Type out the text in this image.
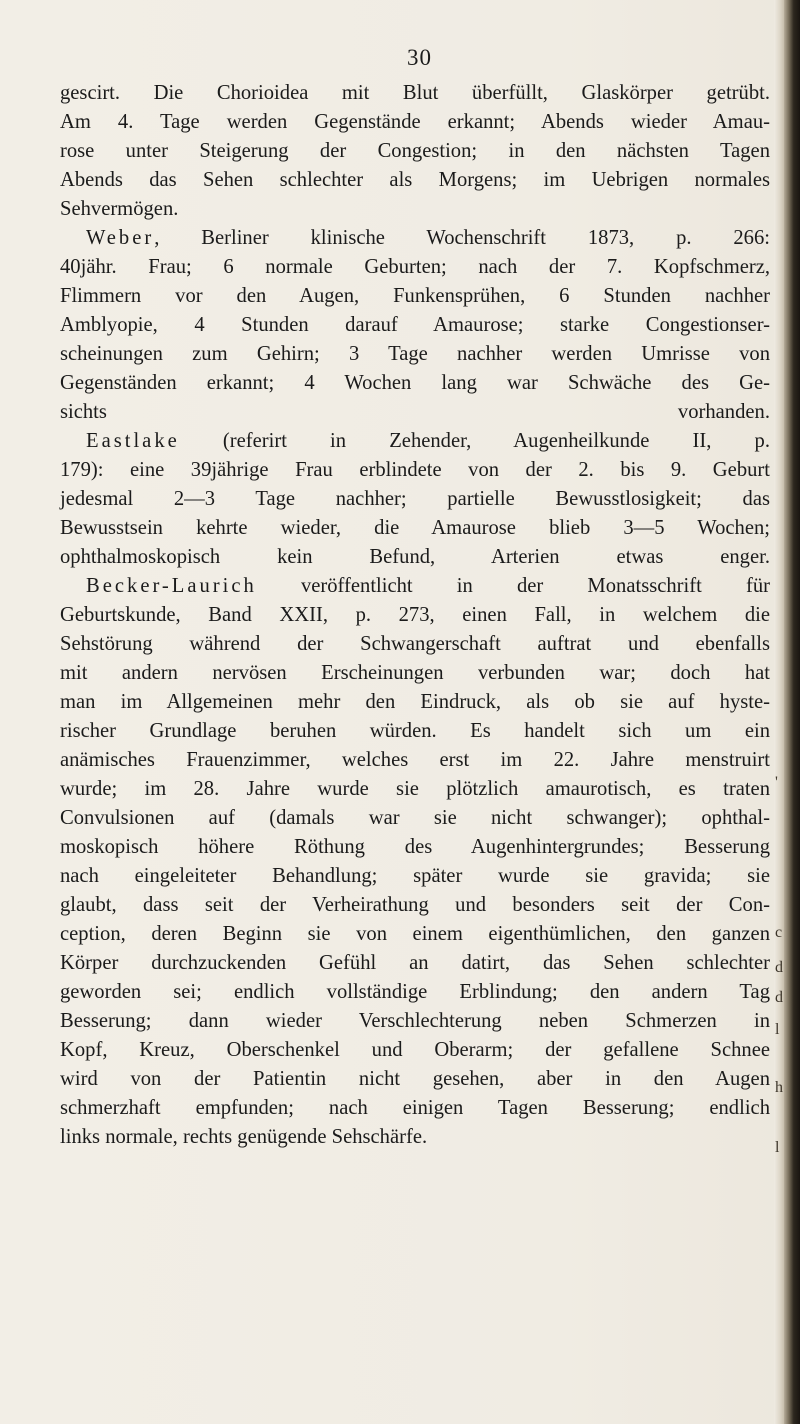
30
gescirt. Die Chorioidea mit Blut überfüllt, Glaskörper getrübt.
Am 4. Tage werden Gegenstände erkannt; Abends wieder Amau-
rose unter Steigerung der Congestion; in den nächsten Tagen
Abends das Sehen schlechter als Morgens; im Uebrigen normales
Sehvermögen.
Weber, Berliner klinische Wochenschrift 1873, p. 266:
40jähr. Frau; 6 normale Geburten; nach der 7. Kopfschmerz,
Flimmern vor den Augen, Funkensprühen, 6 Stunden nachher
Amblyopie, 4 Stunden darauf Amaurose; starke Congestionser-
scheinungen zum Gehirn; 3 Tage nachher werden Umrisse von
Gegenständen erkannt; 4 Wochen lang war Schwäche des Ge-
sichts vorhanden.
Eastlake (referirt in Zehender, Augenheilkunde II, p.
179): eine 39jährige Frau erblindete von der 2. bis 9. Geburt
jedesmal 2—3 Tage nachher; partielle Bewusstlosigkeit; das
Bewusstsein kehrte wieder, die Amaurose blieb 3—5 Wochen;
ophthalmoskopisch kein Befund, Arterien etwas enger.
Becker-Laurich veröffentlicht in der Monatsschrift für
Geburtskunde, Band XXII, p. 273, einen Fall, in welchem die
Sehstörung während der Schwangerschaft auftrat und ebenfalls
mit andern nervösen Erscheinungen verbunden war; doch hat
man im Allgemeinen mehr den Eindruck, als ob sie auf hyste-
rischer Grundlage beruhen würden. Es handelt sich um ein
anämisches Frauenzimmer, welches erst im 22. Jahre menstruirt
wurde; im 28. Jahre wurde sie plötzlich amaurotisch, es traten
Convulsionen auf (damals war sie nicht schwanger); ophthal-
moskopisch höhere Röthung des Augenhintergrundes; Besserung
nach eingeleiteter Behandlung; später wurde sie gravida; sie
glaubt, dass seit der Verheirathung und besonders seit der Con-
ception, deren Beginn sie von einem eigenthümlichen, den ganzen
Körper durchzuckenden Gefühl an datirt, das Sehen schlechter
geworden sei; endlich vollständige Erblindung; den andern Tag
Besserung; dann wieder Verschlechterung neben Schmerzen in
Kopf, Kreuz, Oberschenkel und Oberarm; der gefallene Schnee
wird von der Patientin nicht gesehen, aber in den Augen
schmerzhaft empfunden; nach einigen Tagen Besserung; endlich
links normale, rechts genügende Sehschärfe.
'
c
d
d
l
h
l
